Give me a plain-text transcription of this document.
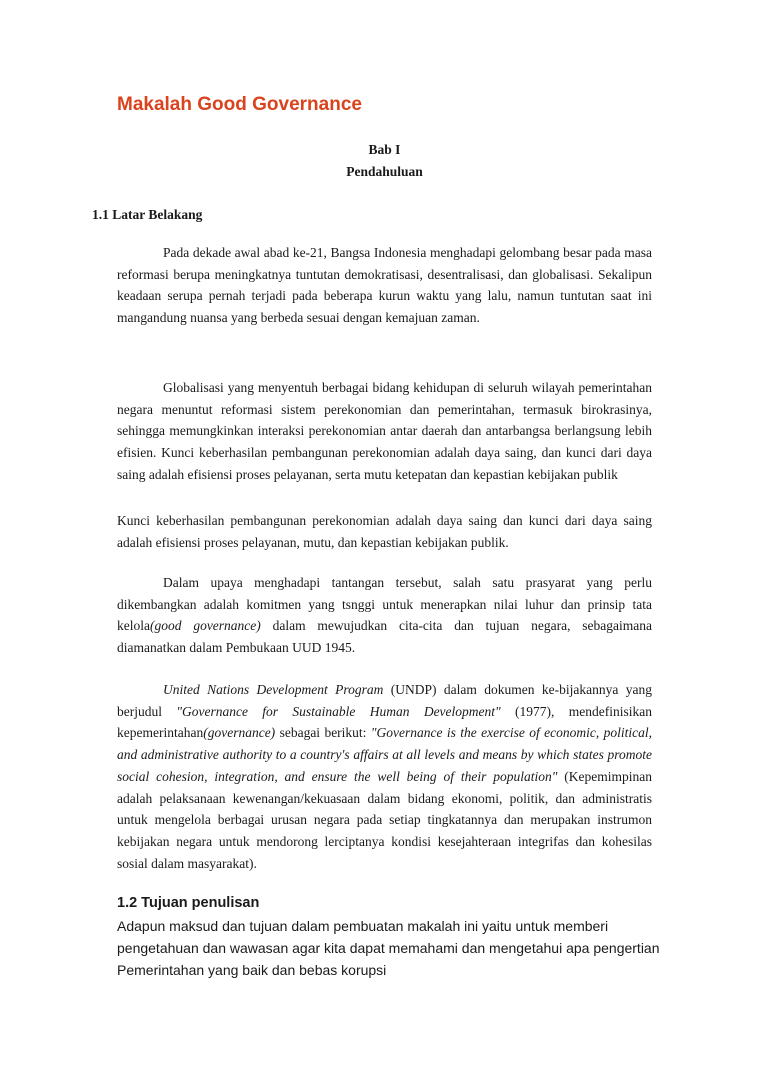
Makalah Good Governance
Bab I
Pendahuluan
1.1 Latar Belakang

Pada dekade awal abad ke-21, Bangsa Indonesia menghadapi gelombang besar pada masa reformasi berupa meningkatnya tuntutan demokratisasi, desentralisasi, dan globalisasi. Sekalipun keadaan serupa pernah terjadi pada beberapa kurun waktu yang lalu, namun tuntutan saat ini mangandung nuansa yang berbeda sesuai dengan kemajuan zaman.

Globalisasi yang menyentuh berbagai bidang kehidupan di seluruh wilayah pemerintahan negara menuntut reformasi sistem perekonomian dan pemerintahan, termasuk birokrasinya, sehingga memungkinkan interaksi perekonomian antar daerah dan antarbangsa berlangsung lebih efisien. Kunci keberhasilan pembangunan perekonomian adalah daya saing, dan kunci dari daya saing adalah efisiensi proses pelayanan, serta mutu ketepatan dan kepastian kebijakan publik

Kunci keberhasilan pembangunan perekonomian adalah daya saing dan kunci dari daya saing adalah efisiensi proses pelayanan, mutu, dan kepastian kebijakan publik.

Dalam upaya menghadapi tantangan tersebut, salah satu prasyarat yang perlu dikembangkan adalah komitmen yang tsnggi untuk menerapkan nilai luhur dan prinsip tata kelola(good governance) dalam mewujudkan cita-cita dan tujuan negara, sebagaimana diamanatkan dalam Pembukaan UUD 1945.

United Nations Development Program (UNDP) dalam dokumen ke-bijakannya yang berjudul "Governance for Sustainable Human Development" (1977), mendefinisikan kepemerintahan(governance) sebagai berikut: "Governance is the exercise of economic, political, and administrative authority to a country's affairs at all levels and means by which states promote social cohesion, integration, and ensure the well being of their population" (Kepemimpinan adalah pelaksanaan kewenangan/kekuasaan dalam bidang ekonomi, politik, dan administratis untuk mengelola berbagai urusan negara pada setiap tingkatannya dan merupakan instrumon kebijakan negara untuk mendorong lerciptanya kondisi kesejahteraan integrifas dan kohesilas sosial dalam masyarakat).

1.2 Tujuan penulisan

Adapun maksud dan tujuan dalam pembuatan makalah ini yaitu untuk memberi pengetahuan dan wawasan agar kita dapat memahami dan mengetahui apa pengertian Pemerintahan yang baik dan bebas korupsi
